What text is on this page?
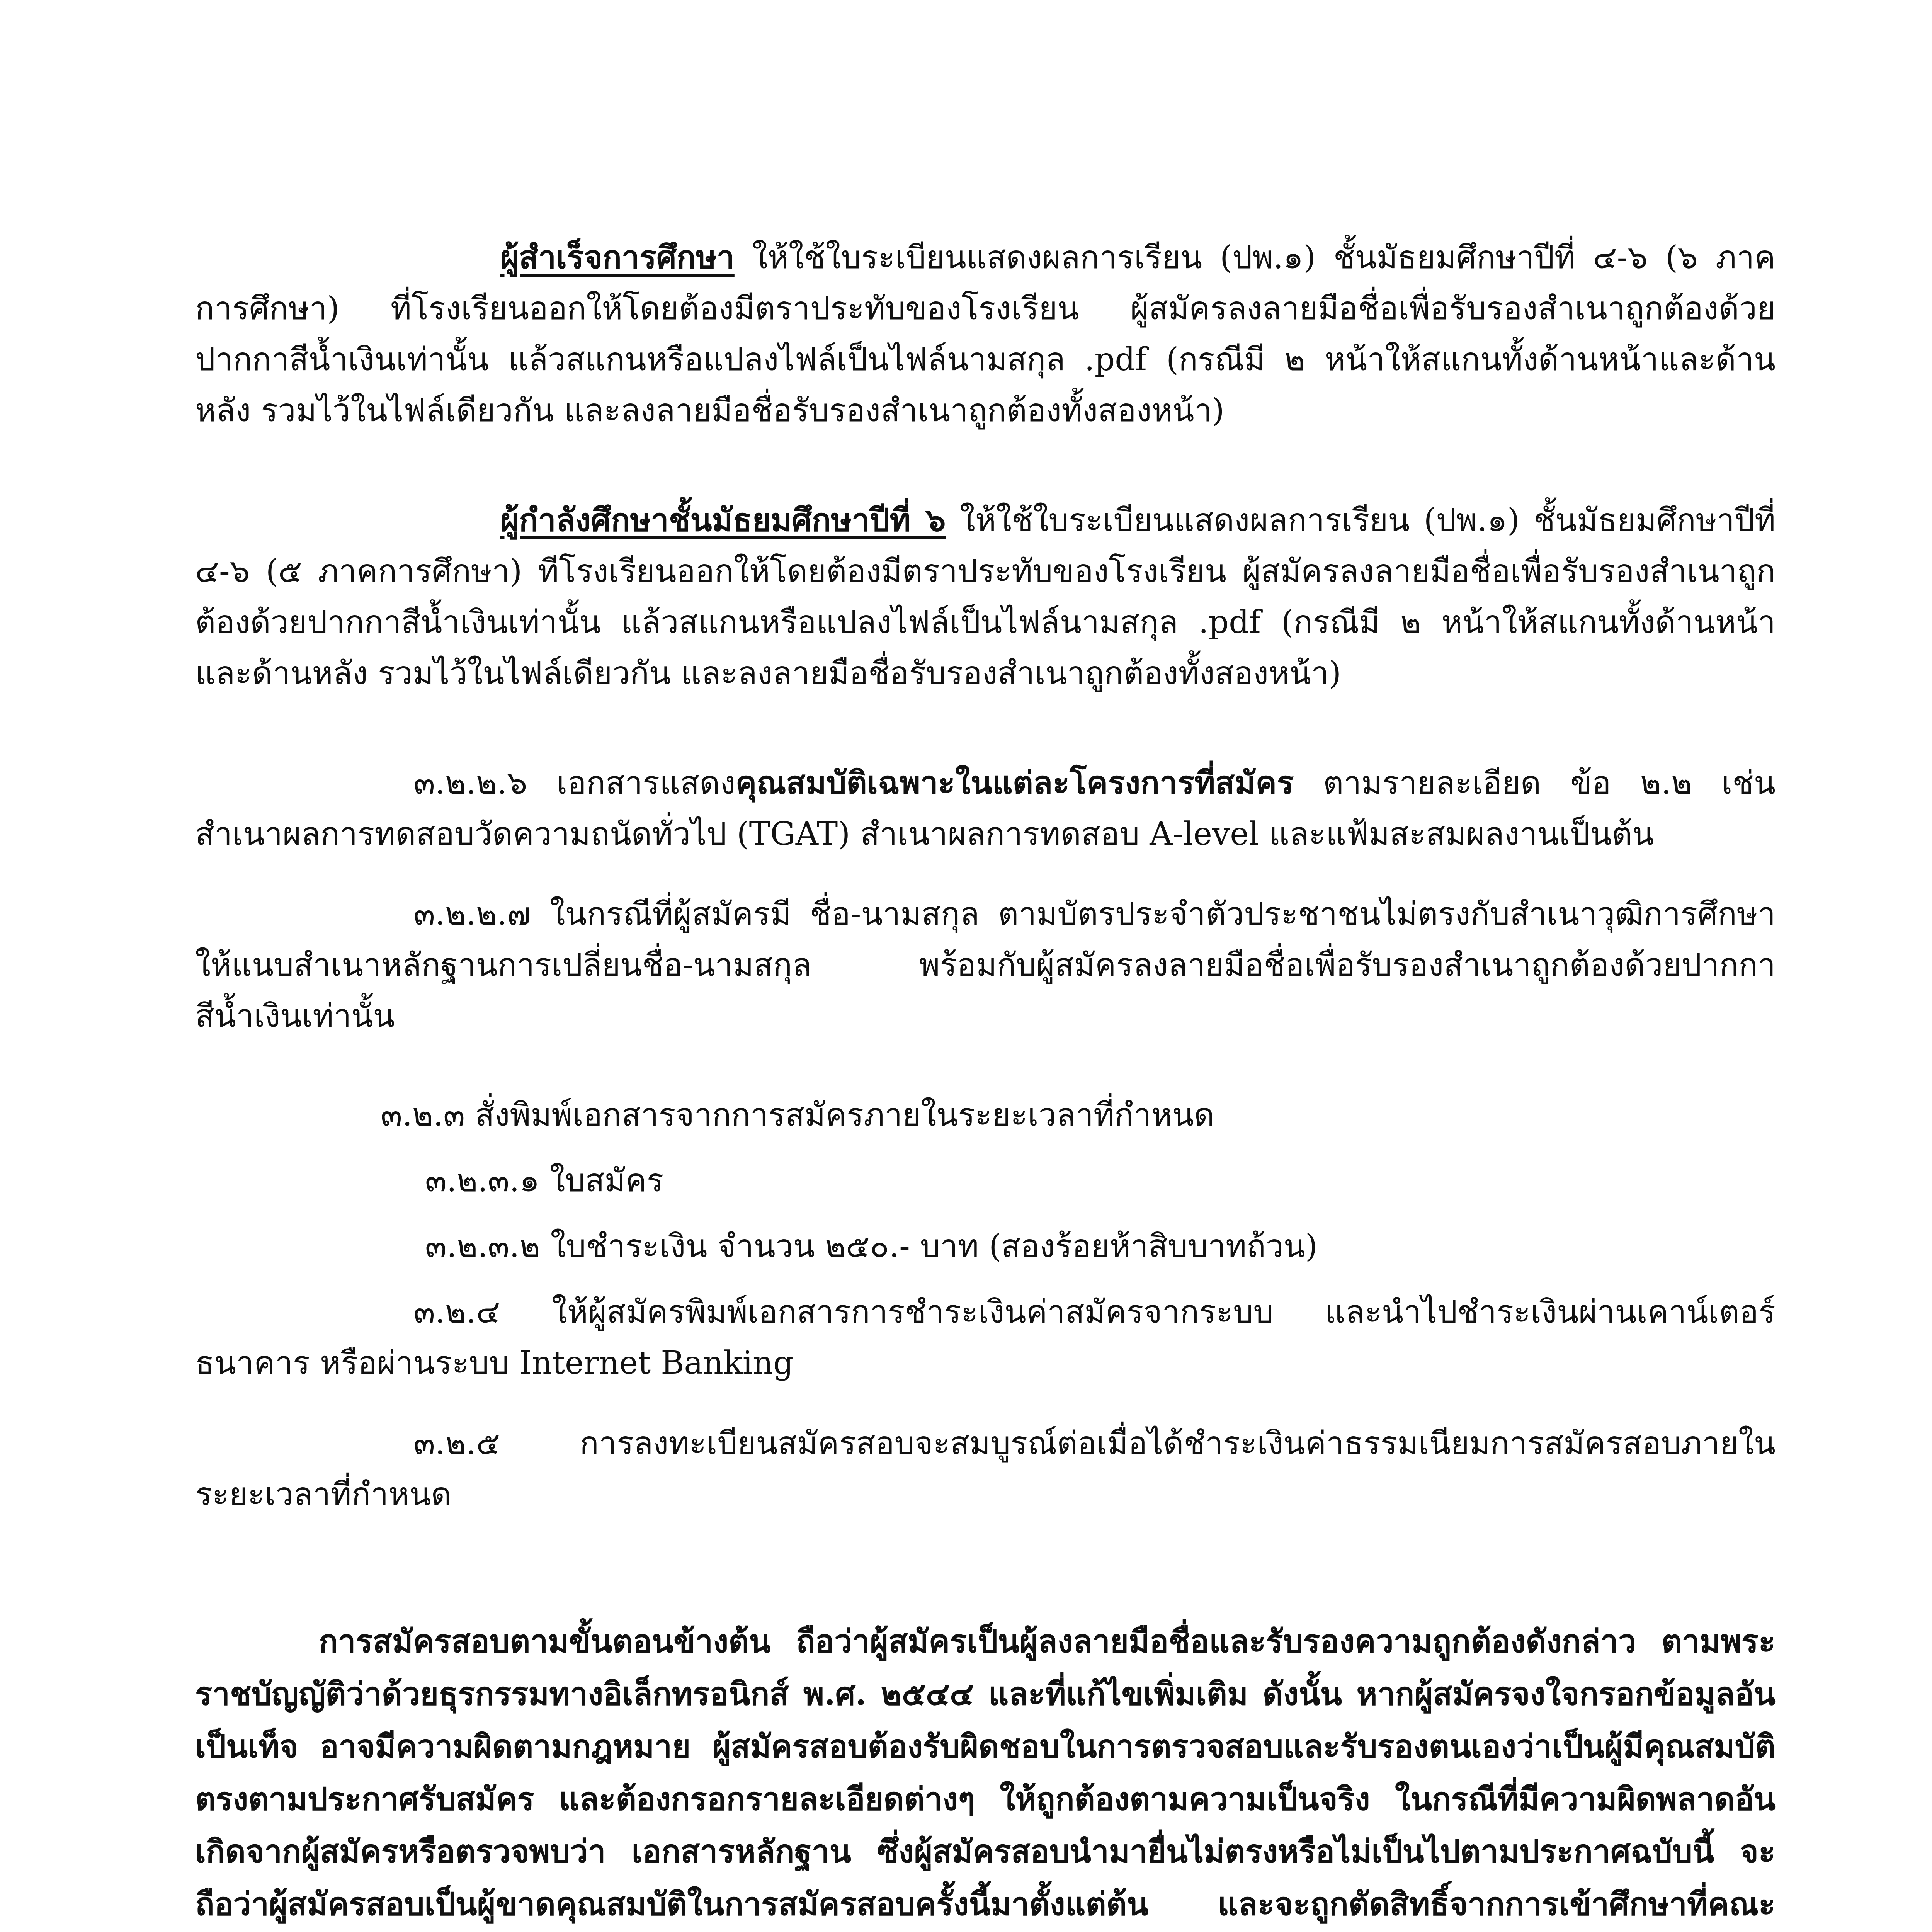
ผู้สำเร็จการศึกษา ให้ใช้ใบระเบียนแสดงผลการเรียน (ปพ.๑) ชั้นมัธยมศึกษาปีที่ ๔-๖ (๖ ภาคการศึกษา) ที่โรงเรียนออกให้โดยต้องมีตราประทับของโรงเรียน ผู้สมัครลงลายมือชื่อเพื่อรับรองสำเนาถูกต้องด้วยปากกาสีน้ำเงินเท่านั้น แล้วสแกนหรือแปลงไฟล์เป็นไฟล์นามสกุล .pdf (กรณีมี ๒ หน้าให้สแกนทั้งด้านหน้าและด้านหลัง รวมไว้ในไฟล์เดียวกัน และลงลายมือชื่อรับรองสำเนาถูกต้องทั้งสองหน้า)

ผู้กำลังศึกษาชั้นมัธยมศึกษาปีที่ ๖ ให้ใช้ใบระเบียนแสดงผลการเรียน (ปพ.๑) ชั้นมัธยมศึกษาปีที่ ๔-๖ (๕ ภาคการศึกษา) ทีโรงเรียนออกให้โดยต้องมีตราประทับของโรงเรียน ผู้สมัครลงลายมือชื่อเพื่อรับรองสำเนาถูกต้องด้วยปากกาสีน้ำเงินเท่านั้น แล้วสแกนหรือแปลงไฟล์เป็นไฟล์นามสกุล .pdf (กรณีมี ๒ หน้าให้สแกนทั้งด้านหน้าและด้านหลัง รวมไว้ในไฟล์เดียวกัน และลงลายมือชื่อรับรองสำเนาถูกต้องทั้งสองหน้า)

๓.๒.๒.๖ เอกสารแสดงคุณสมบัติเฉพาะในแต่ละโครงการที่สมัคร ตามรายละเอียด ข้อ ๒.๒ เช่น สำเนาผลการทดสอบวัดความถนัดทั่วไป (TGAT) สำเนาผลการทดสอบ A-level และแฟ้มสะสมผลงานเป็นต้น

๓.๒.๒.๗ ในกรณีที่ผู้สมัครมี ชื่อ-นามสกุล ตามบัตรประจำตัวประชาชนไม่ตรงกับสำเนาวุฒิการศึกษา ให้แนบสำเนาหลักฐานการเปลี่ยนชื่อ-นามสกุล พร้อมกับผู้สมัครลงลายมือชื่อเพื่อรับรองสำเนาถูกต้องด้วยปากกาสีน้ำเงินเท่านั้น

๓.๒.๓ สั่งพิมพ์เอกสารจากการสมัครภายในระยะเวลาที่กำหนด

๓.๒.๓.๑ ใบสมัคร

๓.๒.๓.๒ ใบชำระเงิน จำนวน ๒๕๐.- บาท (สองร้อยห้าสิบบาทถ้วน)

๓.๒.๔ ให้ผู้สมัครพิมพ์เอกสารการชำระเงินค่าสมัครจากระบบ และนำไปชำระเงินผ่านเคาน์เตอร์ ธนาคาร หรือผ่านระบบ Internet Banking

๓.๒.๕ การลงทะเบียนสมัครสอบจะสมบูรณ์ต่อเมื่อได้ชำระเงินค่าธรรมเนียมการสมัครสอบภายในระยะเวลาที่กำหนด

การสมัครสอบตามขั้นตอนข้างต้น ถือว่าผู้สมัครเป็นผู้ลงลายมือชื่อและรับรองความถูกต้องดังกล่าว ตามพระราชบัญญัติว่าด้วยธุรกรรมทางอิเล็กทรอนิกส์ พ.ศ. ๒๕๔๔ และที่แก้ไขเพิ่มเติม ดังนั้น หากผู้สมัครจงใจกรอกข้อมูลอันเป็นเท็จ อาจมีความผิดตามกฎหมาย ผู้สมัครสอบต้องรับผิดชอบในการตรวจสอบและรับรองตนเองว่าเป็นผู้มีคุณสมบัติตรงตามประกาศรับสมัคร และต้องกรอกรายละเอียดต่างๆ ให้ถูกต้องตามความเป็นจริง ในกรณีที่มีความผิดพลาดอันเกิดจากผู้สมัครหรือตรวจพบว่า เอกสารหลักฐาน ซึ่งผู้สมัครสอบนำมายื่นไม่ตรงหรือไม่เป็นไปตามประกาศฉบับนี้ จะถือว่าผู้สมัครสอบเป็นผู้ขาดคุณสมบัติในการสมัครสอบครั้งนี้มาตั้งแต่ต้น และจะถูกตัดสิทธิ์จากการเข้าศึกษาที่คณะ
